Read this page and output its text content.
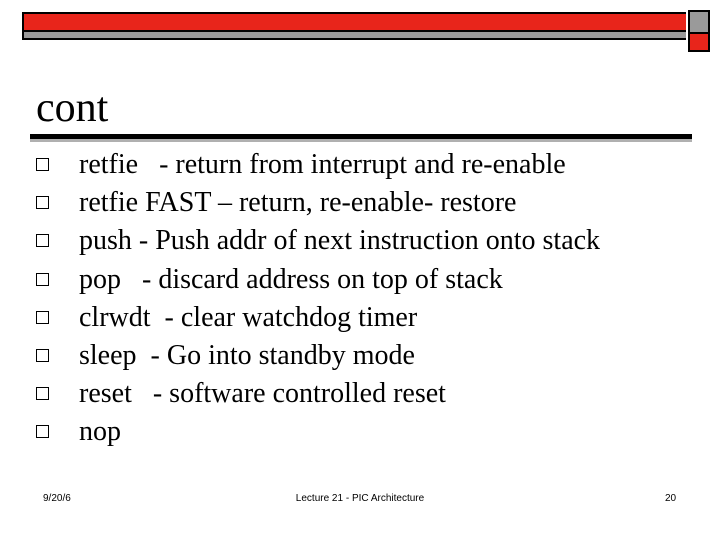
cont
retfie   - return from interrupt and re-enable
retfie FAST – return, re-enable- restore
push - Push addr of next instruction onto stack
pop   - discard address on top of stack
clrwdt  - clear watchdog timer
sleep  - Go into standby mode
reset   - software controlled reset
nop
9/20/6	Lecture 21 - PIC Architecture	20
